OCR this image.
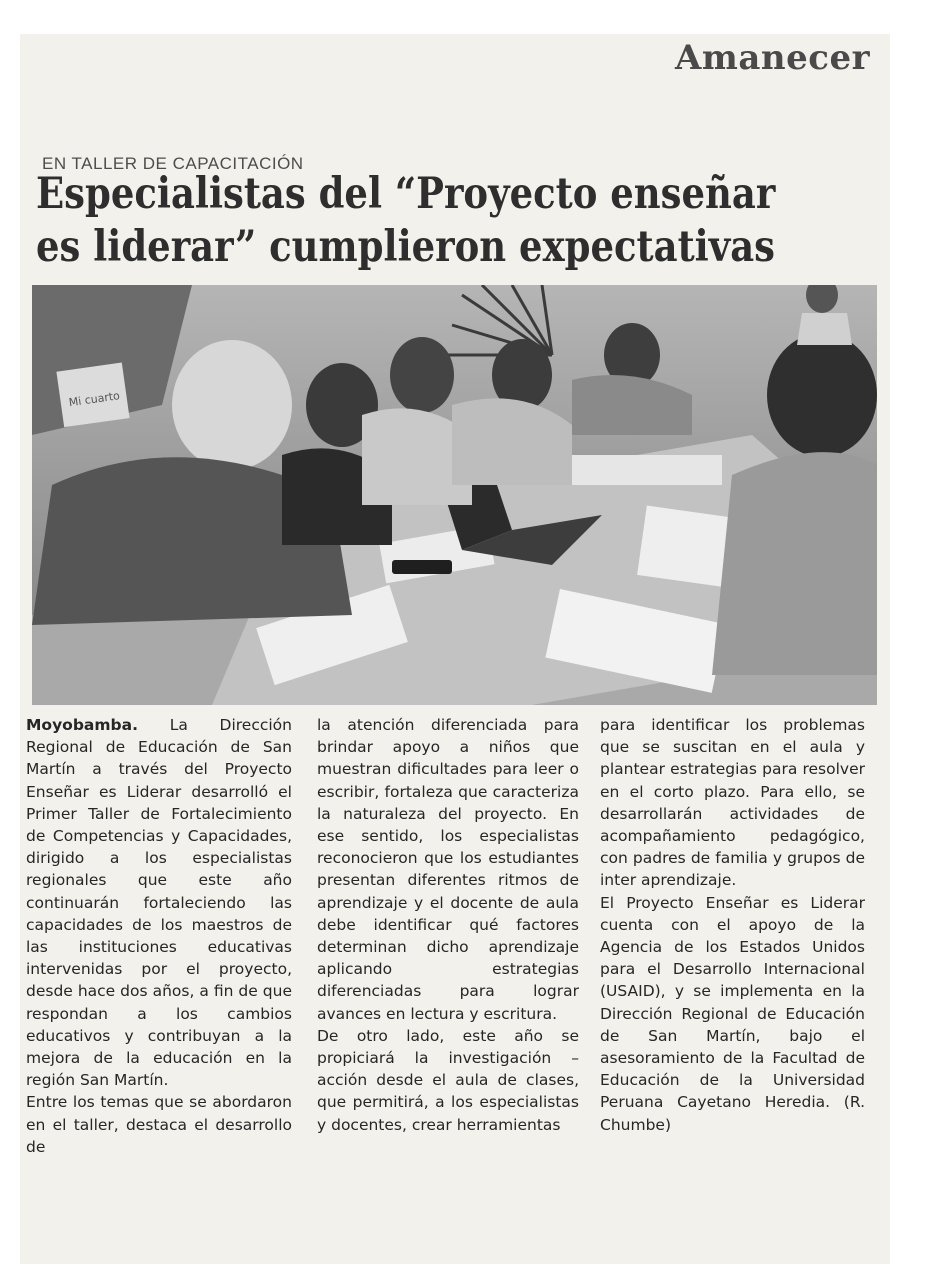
Amanecer
EN TALLER DE CAPACITACIÓN
Especialistas del “Proyecto enseñar
es liderar” cumplieron expectativas
Mi cuarto

Moyobamba. La Dirección Regional de Educación de San Martín a través del Proyecto Enseñar es Liderar desarrolló el Primer Taller de Fortalecimiento de Competencias y Capacidades, dirigido a los especialistas regionales que este año continuarán fortaleciendo las capacidades de los maestros de las instituciones educativas intervenidas por el proyecto, desde hace dos años, a fin de que respondan a los cambios educativos y contribuyan a la mejora de la educación en la región San Martín.

Entre los temas que se abordaron en el taller, destaca el desarrollo de

la atención diferenciada para brindar apoyo a niños que muestran dificultades para leer o escribir, fortaleza que caracteriza la naturaleza del proyecto. En ese sentido, los especialistas reconocieron que los estudiantes presentan diferentes ritmos de aprendizaje y el docente de aula debe identificar qué factores determinan dicho aprendizaje aplicando estrategias diferenciadas para lograr avances en lectura y escritura.

De otro lado, este año se propiciará la investigación – acción desde el aula de clases, que permitirá, a los especialistas y docentes, crear herramientas

para identificar los problemas que se suscitan en el aula y plantear estrategias para resolver en el corto plazo. Para ello, se desarrollarán actividades de acompañamiento pedagógico, con padres de familia y grupos de inter aprendizaje.

El Proyecto Enseñar es Liderar cuenta con el apoyo de la Agencia de los Estados Unidos para el Desarrollo Internacional (USAID), y se implementa en la Dirección Regional de Educación de San Martín, bajo el asesoramiento de la Facultad de Educación de la Universidad Peruana Cayetano Heredia. (R. Chumbe)
